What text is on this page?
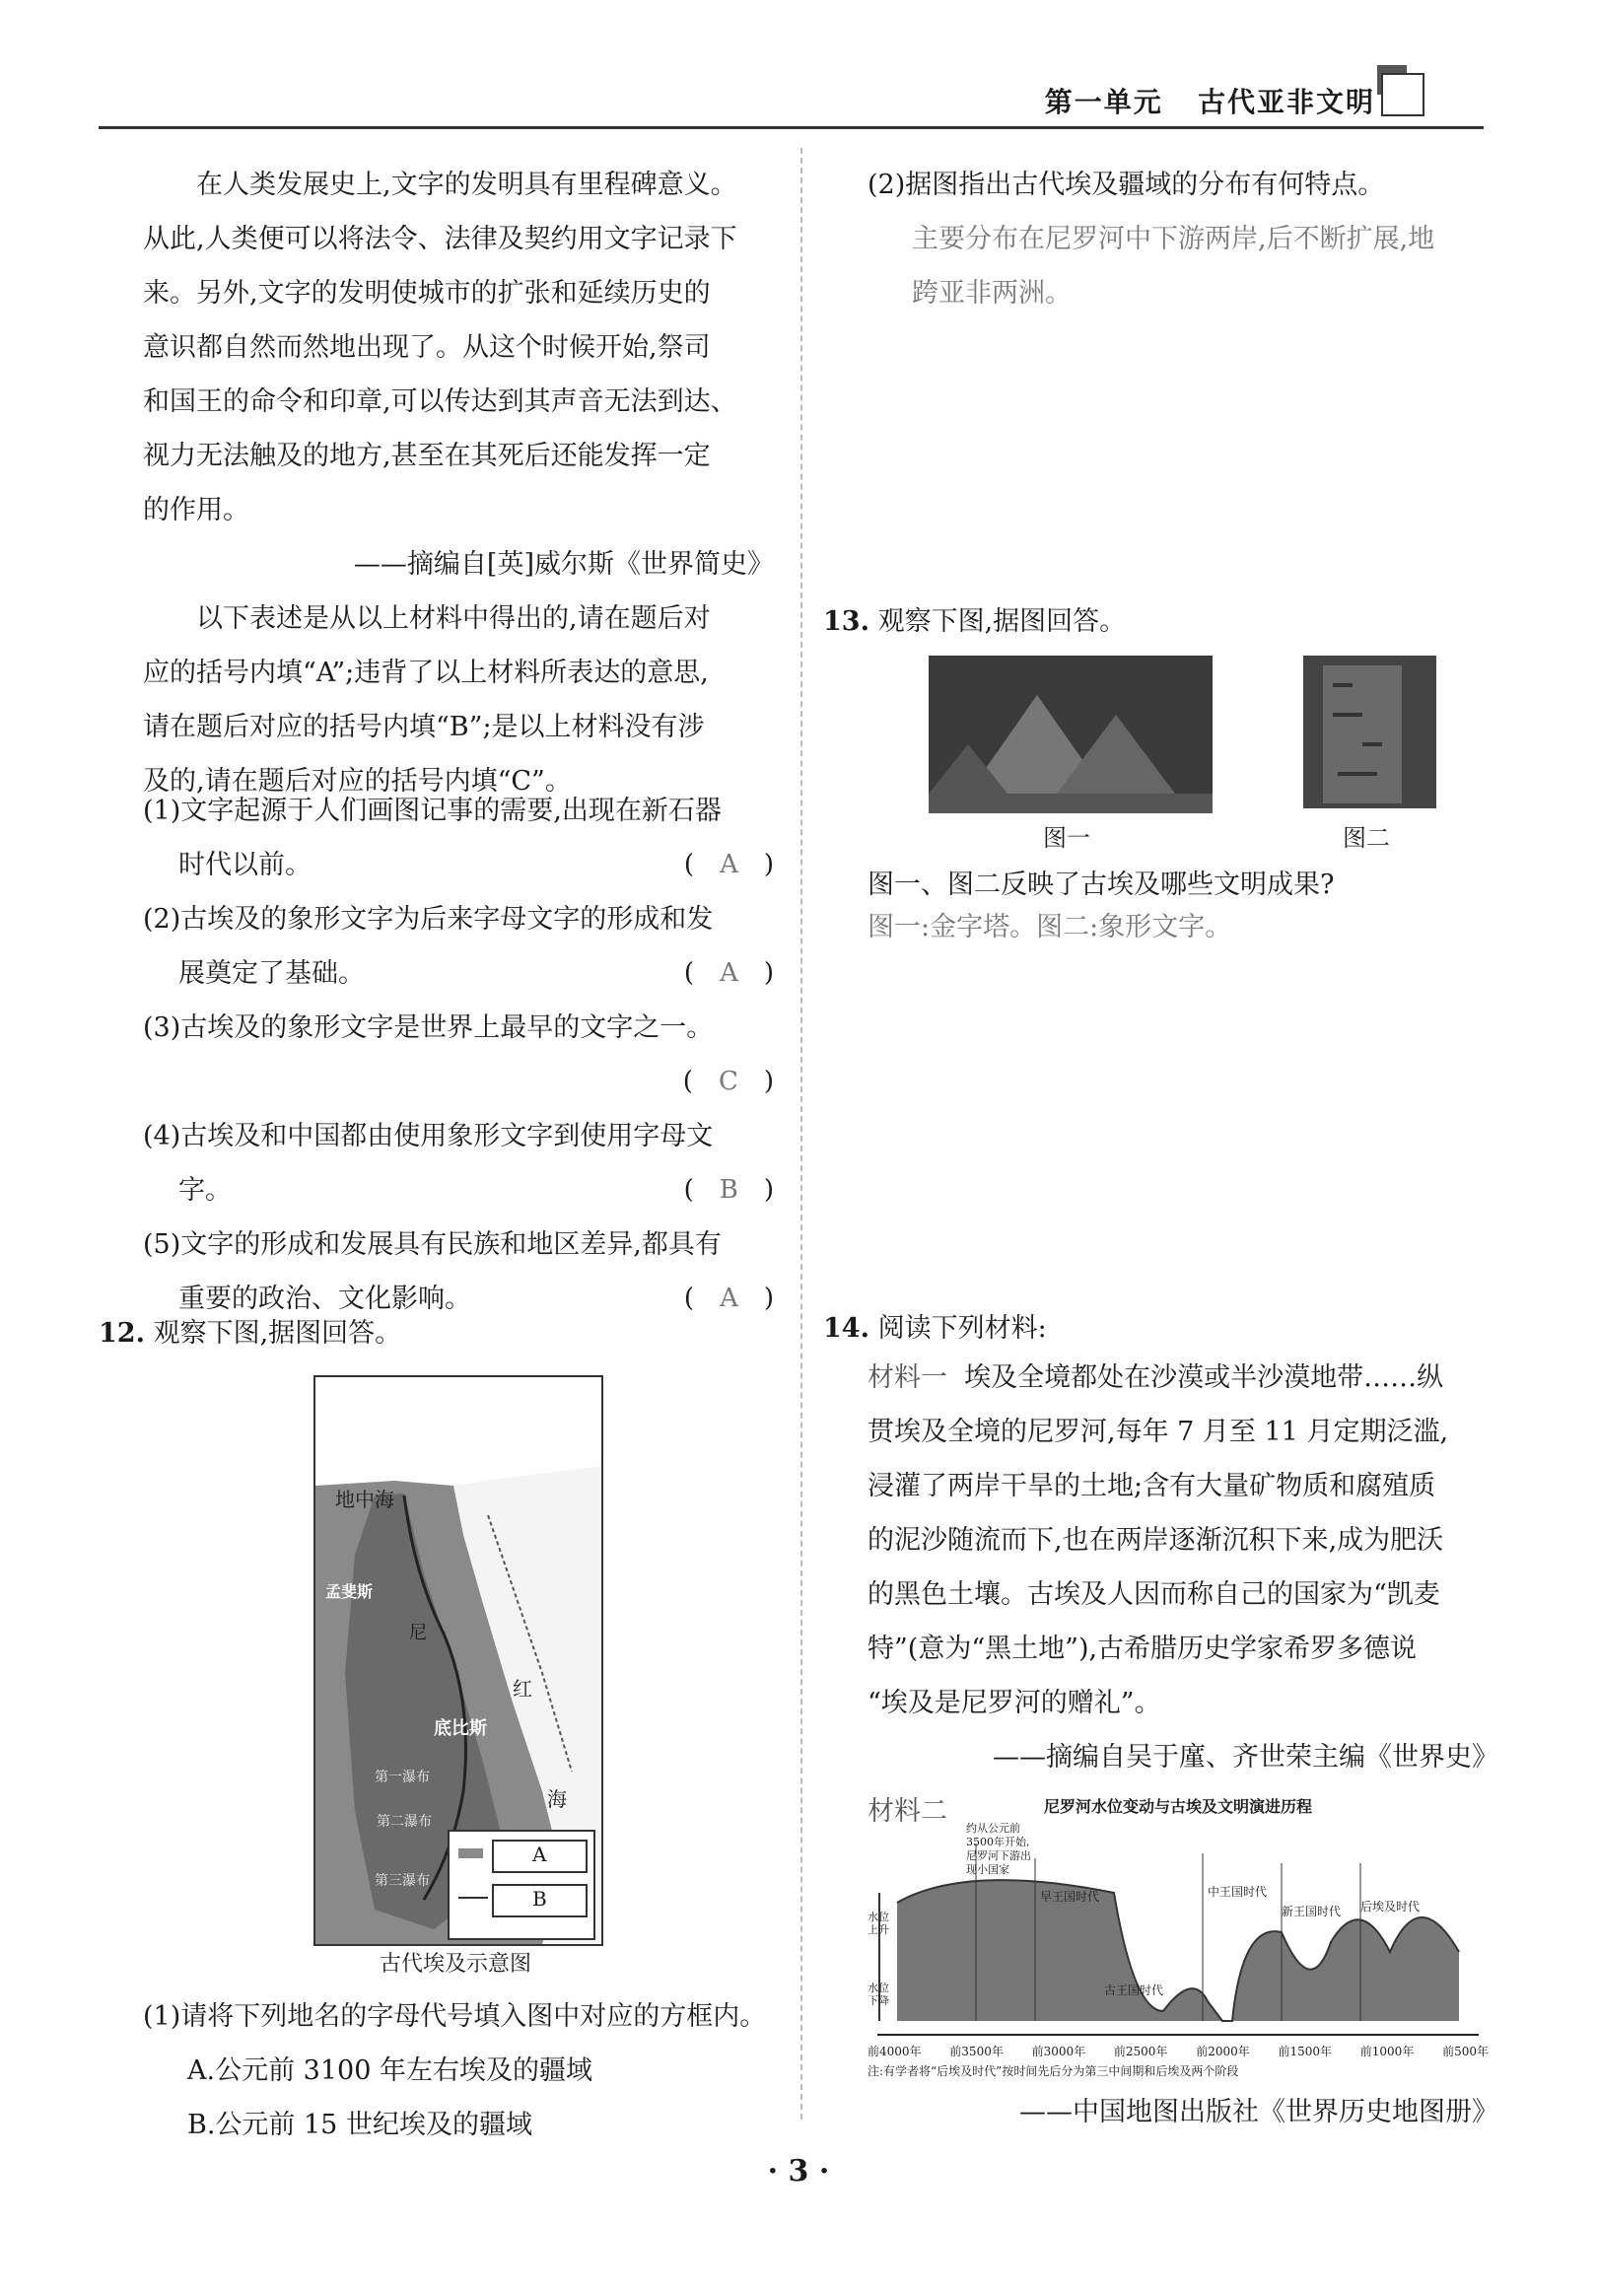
第一单元 古代亚非文明

在人类发展史上,文字的发明具有里程碑意义。

从此,人类便可以将法令、法律及契约用文字记录下

来。另外,文字的发明使城市的扩张和延续历史的

意识都自然而然地出现了。从这个时候开始,祭司

和国王的命令和印章,可以传达到其声音无法到达、

视力无法触及的地方,甚至在其死后还能发挥一定

的作用。

——摘编自[英]威尔斯《世界简史》

以下表述是从以上材料中得出的,请在题后对

应的括号内填“A”;违背了以上材料所表达的意思,

请在题后对应的括号内填“B”;是以上材料没有涉

及的,请在题后对应的括号内填“C”。

(1)文字起源于人们画图记事的需要,出现在新石器

时代以前。	(　A　)

(2)古埃及的象形文字为后来字母文字的形成和发

展奠定了基础。	(　A　)

(3)古埃及的象形文字是世界上最早的文字之一。

(　C　)

(4)古埃及和中国都由使用象形文字到使用字母文

字。	(　B　)

(5)文字的形成和发展具有民族和地区差异,都具有

重要的政治、文化影响。	(　A　)

12. 观察下图,据图回答。
地中海
孟斐斯
尼
红
底比斯
第一瀑布
第二瀑布
第三瀑布
海
A
B
古代埃及示意图

(1)请将下列地名的字母代号填入图中对应的方框内。

A.公元前 3100 年左右埃及的疆域

B.公元前 15 世纪埃及的疆域

(2)据图指出古代埃及疆域的分布有何特点。

主要分布在尼罗河中下游两岸,后不断扩展,地

跨亚非两洲。

13. 观察下图,据图回答。
图一	图二

图一、图二反映了古埃及哪些文明成果?

图一:金字塔。图二:象形文字。

14. 阅读下列材料:

材料一 埃及全境都处在沙漠或半沙漠地带……纵

贯埃及全境的尼罗河,每年 7 月至 11 月定期泛滥,

浸灌了两岸干旱的土地;含有大量矿物质和腐殖质

的泥沙随流而下,也在两岸逐渐沉积下来,成为肥沃

的黑色土壤。古埃及人因而称自己的国家为“凯麦

特”(意为“黑土地”),古希腊历史学家希罗多德说

“埃及是尼罗河的赠礼”。

——摘编自吴于廑、齐世荣主编《世界史》

材料二	尼罗河水位变动与古埃及文明演进历程
约从公元前3500年开始,尼罗河下游出现小国家
早王国时代
古王国时代
中王国时代
新王国时代 后埃及时代
水位上升
水位下降
前4000年 前3500年 前3000年 前2500年 前2000年 前1500年 前1000年 前500年
注:有学者将“后埃及时代”按时间先后分为第三中间期和后埃及两个阶段
——中国地图出版社《世界历史地图册》
· 3 ·
